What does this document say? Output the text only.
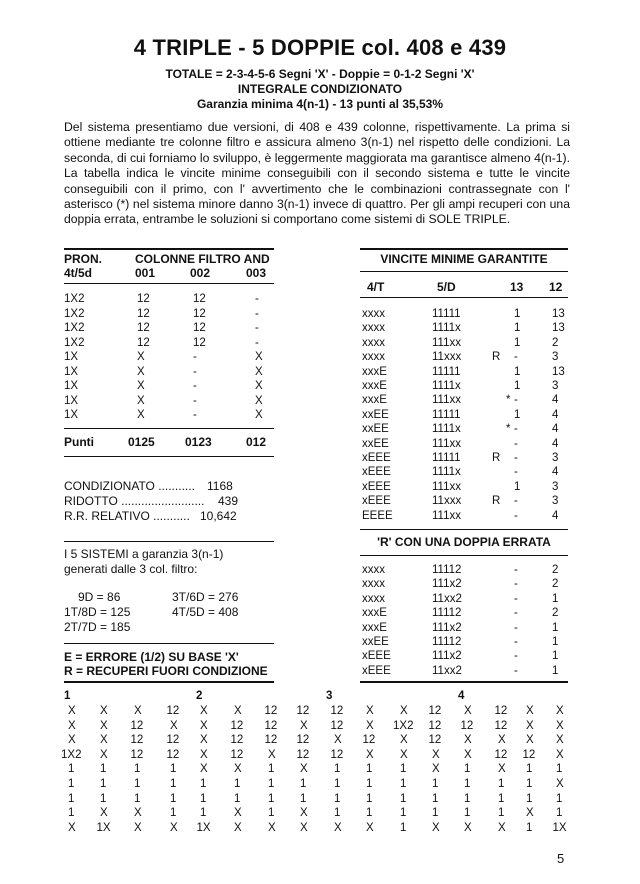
4 TRIPLE - 5 DOPPIE col. 408 e 439
TOTALE = 2-3-4-5-6 Segni 'X' - Doppie = 0-1-2 Segni 'X'
INTEGRALE CONDIZIONATO
Garanzia minima 4(n-1) - 13 punti al 35,53%

Del sistema presentiamo due versioni, di 408 e 439 colonne, rispettivamente. La prima si ottiene mediante tre colonne filtro e assicura almeno 3(n-1) nel rispetto delle condizioni. La seconda, di cui forniamo lo sviluppo, è leggermente maggiorata ma garantisce almeno 4(n-1). La tabella indica le vincite minime conseguibili con il secondo sistema e tutte le vincite conseguibili con il primo, con l' avvertimento che le combinazioni contrassegnate con l' asterisco (*) nel sistema minore danno 3(n-1) invece di quattro. Per gli ampi recuperi con una doppia errata, entrambe le soluzioni si comportano come sistemi di SOLE TRIPLE.

PRON.	COLONNE FILTRO AND
4t/5d	001	002	003
1X2	12	12	-
1X2	12	12	-
1X2	12	12	-
1X2	12	12	-
1X	X	-	X
1X	X	-	X
1X	X	-	X
1X	X	-	X
1X	X	-	X
Punti	0125	0123	012
CONDIZIONATO ........... 1168
RIDOTTO ......................... 439
R.R. RELATIVO ........... 10,642
I 5 SISTEMI a garanzia 3(n-1)
generati dalle 3 col. filtro:
9D = 86	3T/6D = 276
1T/8D = 125	4T/5D = 408
2T/7D = 185
E = ERRORE (1/2) SU BASE 'X'
R = RECUPERI FUORI CONDIZIONE
VINCITE MINIME GARANTITE
4/T	5/D	13 12
xxxx	11111	1	13
xxxx	1111x	1	13
xxxx	111xx	1	2
xxxx	11xxx	R -	3
xxxE	11111	1	13
xxxE	1111x	1	3
xxxE	111xx	* -	4
xxEE	11111	1	4
xxEE	1111x	* -	4
xxEE	111xx	-	4
xEEE	11111	R -	3
xEEE	1111x	-	4
xEEE	111xx	1	3
xEEE	11xxx	R -	3
EEEE	111xx	-	4
'R' CON UNA DOPPIA ERRATA
xxxx	11112	-	2
xxxx	111x2	-	2
xxxx	11xx2	-	1
xxxE	11112	-	2
xxxE	111x2	-	1
xxEE	11112	-	1
xEEE	111x2	-	1
xEEE	11xx2	-	1
1	2	3	4
X X X 12 X X 12 12 12 X X 12 X 12 X X
X X 12 X X 12 12 X 12 X 1X2 12 12 12 X X
X X 12 12 X 12 12 12 X 12 X 12 X X X X
1X2 X 12 12 X 12 X 12 12 X X X X 12 12 X
1 1 1	1 X X 1 X 1 1 1 X 1 X 1 1
1 1 1	1 1 1 1 1 1 1 1 1 1 1 1 X
1 1 1	1 1 1 1 1 1 1 1 1 1 1 1 1
1 X X 1 1 X 1 X 1 1 1 1 1 1 X 1
X 1X X X 1X X X X X X 1 X X X 1 1X
5
